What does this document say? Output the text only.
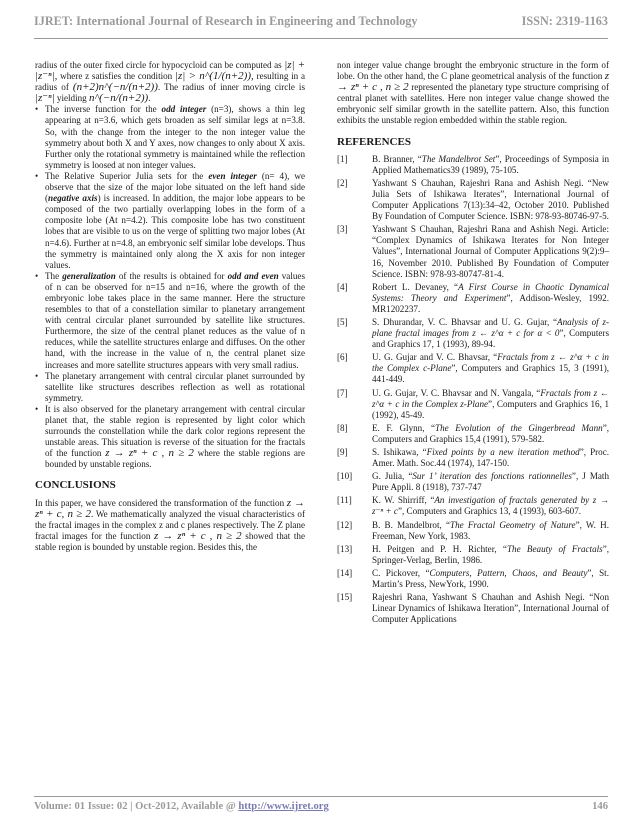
IJRET: International Journal of Research in Engineering and Technology	ISSN: 2319-1163

radius of the outer fixed circle for hypocycloid can be computed as |z| + |z⁻ⁿ|, where z satisfies the condition |z| > n^(1/(n+2)), resulting in a radius of (n+2)n^(−n/(n+2)). The radius of inner moving circle is |z⁻ⁿ| yielding n^(−n/(n+2)).

• The inverse function for the odd integer (n=3), shows a thin leg appearing at n=3.6, which gets broaden as self similar legs at n=3.8. So, with the change from the integer to the non integer value the symmetry about both X and Y axes, now changes to only about X axis. Further only the rotational symmetry is maintained while the reflection symmetry is loosed at non integer values.
• The Relative Superior Julia sets for the even integer (n= 4), we observe that the size of the major lobe situated on the left hand side (negative axis) is increased. In addition, the major lobe appears to be composed of the two partially overlapping lobes in the form of a composite lobe (At n=4.2). This composite lobe has two constituent lobes that are visible to us on the verge of splitting two major lobes (At n=4.6). Further at n=4.8, an embryonic self similar lobe develops. Thus the symmetry is maintained only along the X axis for non integer values.
• The generalization of the results is obtained for odd and even values of n can be observed for n=15 and n=16, where the growth of the embryonic lobe takes place in the same manner. Here the structure resembles to that of a constellation similar to planetary arrangement with central circular planet surrounded by satellite like structures. Furthermore, the size of the central planet reduces as the value of n reduces, while the satellite structures enlarge and diffuses. On the other hand, with the increase in the value of n, the central planet size increases and more satellite structures appears with very small radius.
• The planetary arrangement with central circular planet surrounded by satellite like structures describes reflection as well as rotational symmetry.
• It is also observed for the planetary arrangement with central circular planet that, the stable region is represented by light color which surrounds the constellation while the dark color regions represent the unstable areas. This situation is reverse of the situation for the fractals of the function z → zⁿ + c , n ≥ 2 where the stable regions are bounded by unstable regions.
CONCLUSIONS

In this paper, we have considered the transformation of the function z → zⁿ + c, n ≥ 2. We mathematically analyzed the visual characteristics of the fractal images in the complex z and c planes respectively. The Z plane fractal images for the function z → zⁿ + c , n ≥ 2 showed that the stable region is bounded by unstable region. Besides this, the

non integer value change brought the embryonic structure in the form of lobe. On the other hand, the C plane geometrical analysis of the function z → zⁿ + c , n ≥ 2 represented the planetary type structure comprising of central planet with satellites. Here non integer value change showed the embryonic self similar growth in the satellite pattern. Also, this function exhibits the unstable region embedded within the stable region.

REFERENCES
[1]	B. Branner, “The Mandelbrot Set”, Proceedings of Symposia in Applied Mathematics39 (1989), 75-105.
[2]	Yashwant S Chauhan, Rajeshri Rana and Ashish Negi. “New Julia Sets of Ishikawa Iterates”, International Journal of Computer Applications 7(13):34–42, October 2010. Published By Foundation of Computer Science. ISBN: 978-93-80746-97-5.
[3]	Yashwant S Chauhan, Rajeshri Rana and Ashish Negi. Article: “Complex Dynamics of Ishikawa Iterates for Non Integer Values”, International Journal of Computer Applications 9(2):9–16, November 2010. Published By Foundation of Computer Science. ISBN: 978-93-80747-81-4.
[4]	Robert L. Devaney, “A First Course in Chaotic Dynamical Systems: Theory and Experiment”, Addison-Wesley, 1992. MR1202237.
[5]	S. Dhurandar, V. C. Bhavsar and U. G. Gujar, “Analysis of z-plane fractal images from z ← z^α + c for α < 0”, Computers and Graphics 17, 1 (1993), 89-94.
[6]	U. G. Gujar and V. C. Bhavsar, “Fractals from z ← z^α + c in the Complex c-Plane”, Computers and Graphics 15, 3 (1991), 441-449.
[7]	U. G. Gujar, V. C. Bhavsar and N. Vangala, “Fractals from z ← z^α + c in the Complex z-Plane”, Computers and Graphics 16, 1 (1992), 45-49.
[8]	E. F. Glynn, “The Evolution of the Gingerbread Mann”, Computers and Graphics 15,4 (1991), 579-582.
[9]	S. Ishikawa, “Fixed points by a new iteration method”, Proc. Amer. Math. Soc.44 (1974), 147-150.
[10]	G. Julia, “Sur 1’ iteration des fonctions rationnelles”, J Math Pure Appli. 8 (1918), 737-747
[11]	K. W. Shirriff, “An investigation of fractals generated by z → z⁻ⁿ + c”, Computers and Graphics 13, 4 (1993), 603-607.
[12]	B. B. Mandelbrot, “The Fractal Geometry of Nature”, W. H. Freeman, New York, 1983.
[13]	H. Peitgen and P. H. Richter, “The Beauty of Fractals”, Springer-Verlag, Berlin, 1986.
[14]	C. Pickover, “Computers, Pattern, Chaos, and Beauty”, St. Martin’s Press, NewYork, 1990.
[15]	Rajeshri Rana, Yashwant S Chauhan and Ashish Negi. “Non Linear Dynamics of Ishikawa Iteration”, International Journal of Computer Applications
Volume: 01 Issue: 02 | Oct-2012, Available @ http://www.ijret.org	146
